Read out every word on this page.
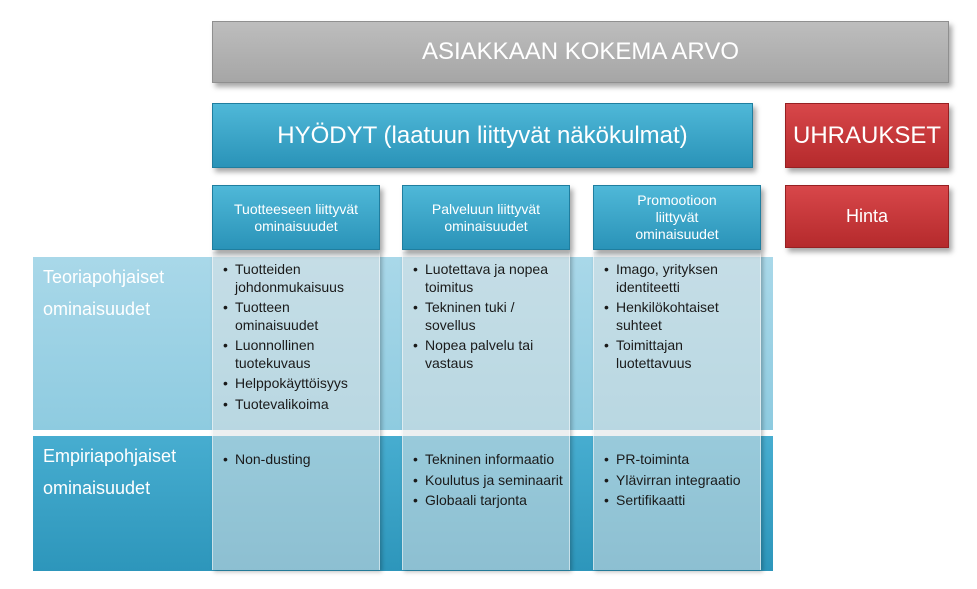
ASIAKKAAN KOKEMA ARVO
HYÖDYT (laatuun liittyvät näkökulmat)	UHRAUKSET
Hinta
Teoriapohjaiset
ominaisuudet
Empiriapohjaiset
ominaisuudet
Tuotteeseen liittyvät ominaisuudet
Palveluun liittyvät ominaisuudet
Promootioon liittyvät ominaisuudet
• Tuotteiden johdonmukaisuus
• Tuotteen ominaisuudet
• Luonnollinen tuotekuvaus
• Helppokäyttöisyys
• Tuotevalikoima
• Luotettava ja nopea toimitus
• Tekninen tuki / sovellus
• Nopea palvelu tai vastaus
• Imago, yrityksen identiteetti
• Henkilökohtaiset suhteet
• Toimittajan luotettavuus
• Non-dusting
•	Tekninen informaatio
• Koulutus ja seminaarit
• Globaali tarjonta
• PR-toiminta
• Ylävirran integraatio
• Sertifikaatti
